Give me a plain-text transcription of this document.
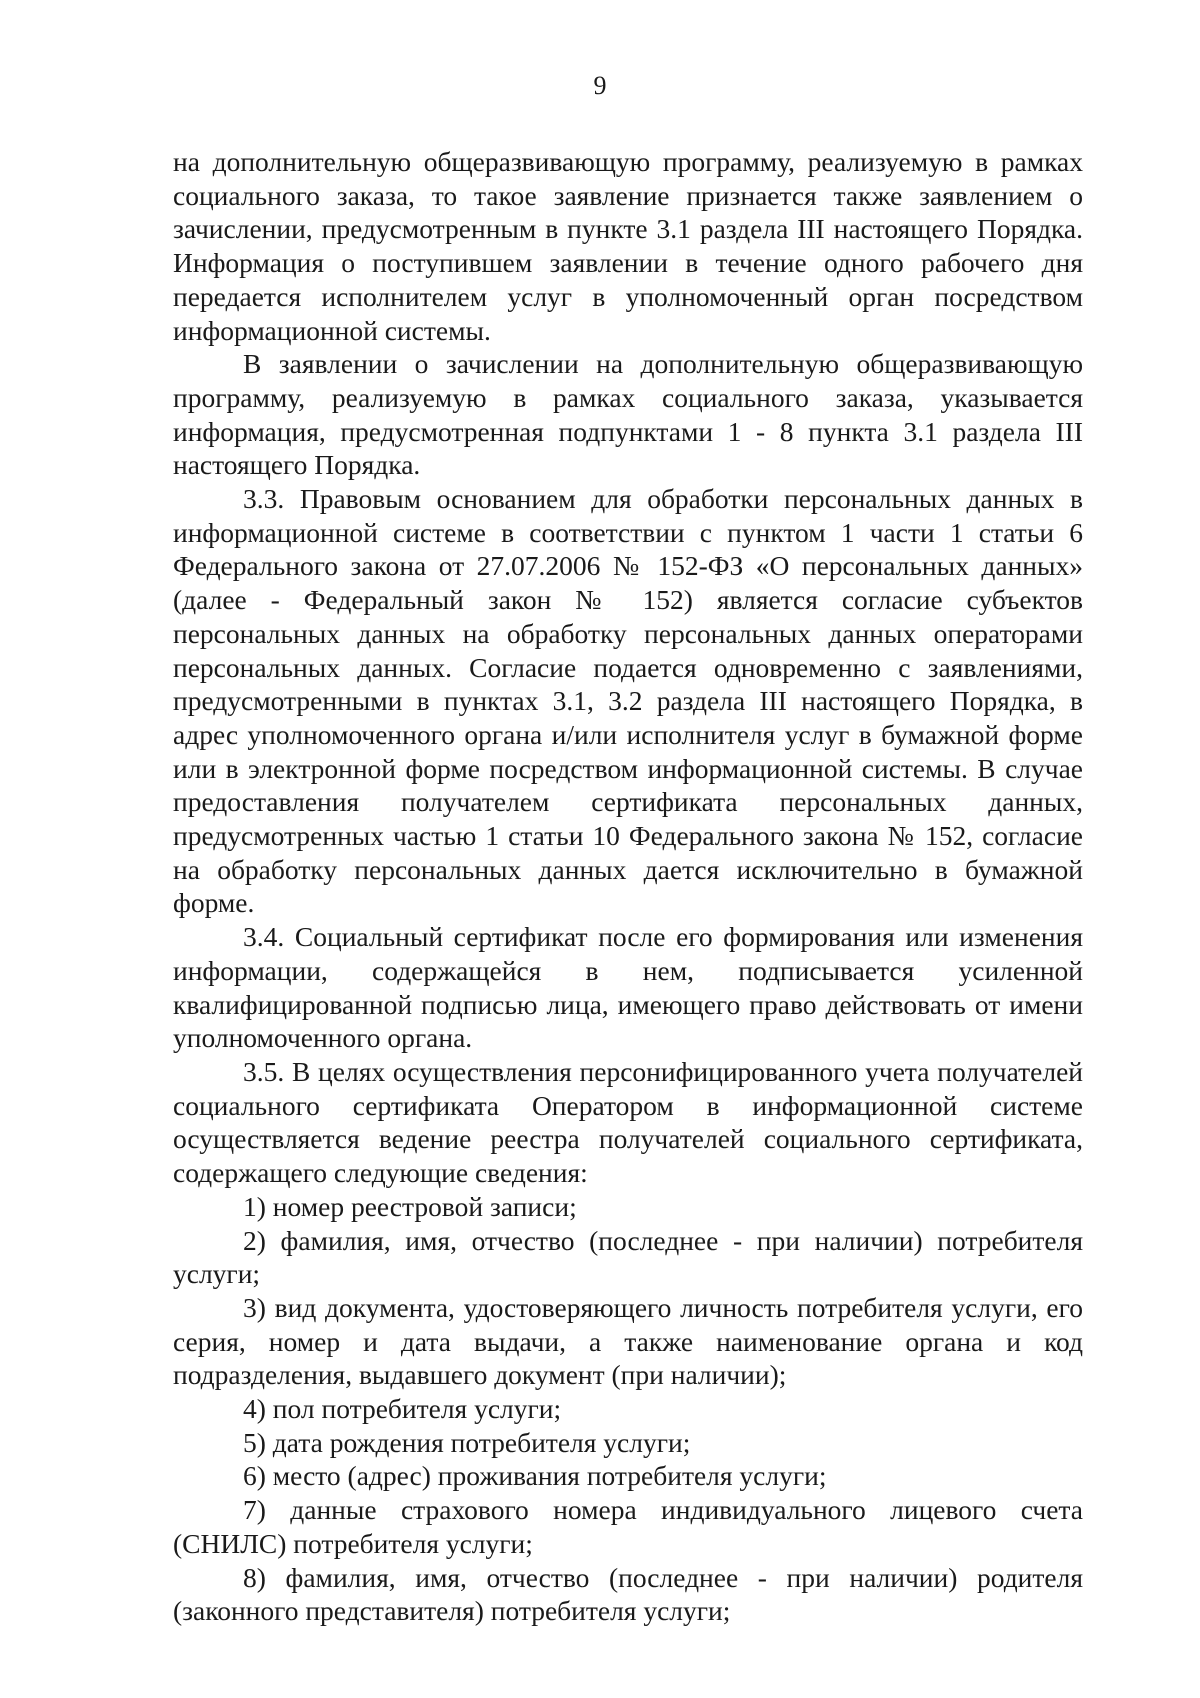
9

на дополнительную общеразвивающую программу, реализуемую в рамках социального заказа, то такое заявление признается также заявлением о зачислении, предусмотренным в пункте 3.1 раздела III настоящего Порядка. Информация о поступившем заявлении в течение одного рабочего дня передается исполнителем услуг в уполномоченный орган посредством информационной системы.

В заявлении о зачислении на дополнительную общеразвивающую программу, реализуемую в рамках социального заказа, указывается информация, предусмотренная подпунктами 1 - 8 пункта 3.1 раздела III настоящего Порядка.

3.3. Правовым основанием для обработки персональных данных в информационной системе в соответствии с пунктом 1 части 1 статьи 6 Федерального закона от 27.07.2006 № 152-ФЗ «О персональных данных» (далее - Федеральный закон № 152) является согласие субъектов персональных данных на обработку персональных данных операторами персональных данных. Согласие подается одновременно с заявлениями, предусмотренными в пунктах 3.1, 3.2 раздела III настоящего Порядка, в адрес уполномоченного органа и/или исполнителя услуг в бумажной форме или в электронной форме посредством информационной системы. В случае предоставления получателем сертификата персональных данных, предусмотренных частью 1 статьи 10 Федерального закона № 152, согласие на обработку персональных данных дается исключительно в бумажной форме.

3.4. Социальный сертификат после его формирования или изменения информации, содержащейся в нем, подписывается усиленной квалифицированной подписью лица, имеющего право действовать от имени уполномоченного органа.

3.5. В целях осуществления персонифицированного учета получателей социального сертификата Оператором в информационной системе осуществляется ведение реестра получателей социального сертификата, содержащего следующие сведения:

1) номер реестровой записи;

2) фамилия, имя, отчество (последнее - при наличии) потребителя услуги;

3) вид документа, удостоверяющего личность потребителя услуги, его серия, номер и дата выдачи, а также наименование органа и код подразделения, выдавшего документ (при наличии);

4) пол потребителя услуги;

5) дата рождения потребителя услуги;

6) место (адрес) проживания потребителя услуги;

7) данные страхового номера индивидуального лицевого счета (СНИЛС) потребителя услуги;

8) фамилия, имя, отчество (последнее - при наличии) родителя (законного представителя) потребителя услуги;
